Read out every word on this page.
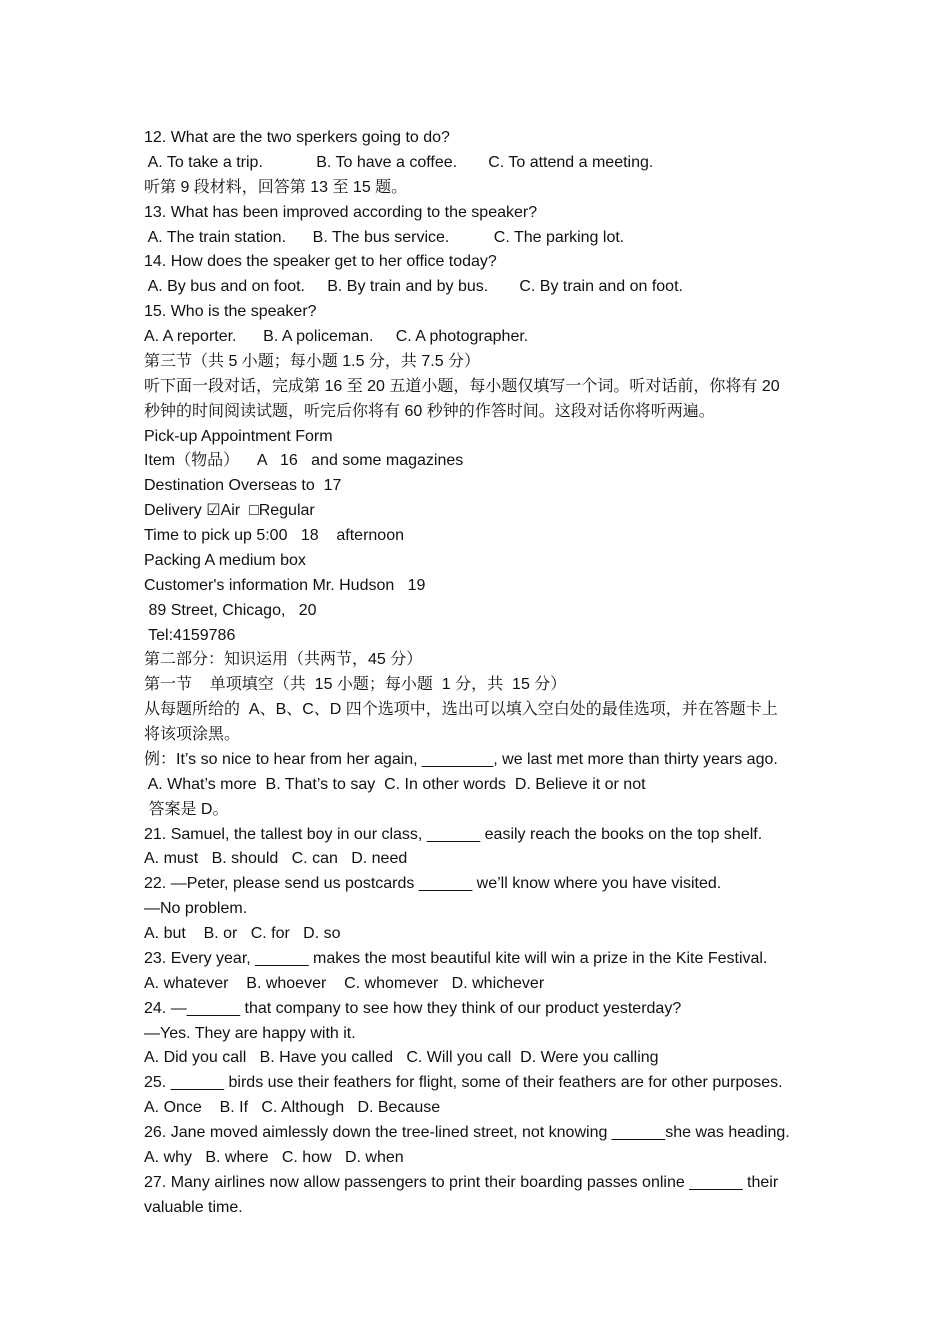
12. What are the two sperkers going to do?
A. To take a trip.            B. To have a coffee.       C. To attend a meeting.
听第 9 段材料，回答第 13 至 15 题。
13. What has been improved according to the speaker?
A. The train station.      B. The bus service.          C. The parking lot.
14. How does the speaker get to her office today?
A. By bus and on foot.     B. By train and by bus.       C. By train and on foot.
15. Who is the speaker?
A. A reporter.      B. A policeman.     C. A photographer.
第三节（共 5 小题；每小题 1.5 分，共 7.5 分）
听下面一段对话，完成第 16 至 20 五道小题，每小题仅填写一个词。听对话前，你将有 20
秒钟的时间阅读试题，听完后你将有 60 秒钟的作答时间。这段对话你将听两遍。
Pick-up Appointment Form
Item（物品）    A   16   and some magazines
Destination Overseas to  17
Delivery ☑Air  □Regular
Time to pick up 5:00   18    afternoon
Packing A medium box
Customer's information Mr. Hudson   19
89 Street, Chicago,   20
Tel:4159786
第二部分：知识运用（共两节，45 分）
第一节    单项填空（共  15 小题；每小题  1 分，共  15 分）
从每题所给的  A、B、C、D 四个选项中，选出可以填入空白处的最佳选项，并在答题卡上
将该项涂黑。
例：It’s so nice to hear from her again, ________, we last met more than thirty years ago.
A. What’s more  B. That’s to say  C. In other words  D. Believe it or not
答案是 D。
21. Samuel, the tallest boy in our class, ______ easily reach the books on the top shelf.
A. must   B. should   C. can   D. need
22. —Peter, please send us postcards ______ we’ll know where you have visited.
—No problem.
A. but    B. or   C. for   D. so
23. Every year, ______ makes the most beautiful kite will win a prize in the Kite Festival.
A. whatever    B. whoever    C. whomever   D. whichever
24. —______ that company to see how they think of our product yesterday?
—Yes. They are happy with it.
A. Did you call   B. Have you called   C. Will you call  D. Were you calling
25. ______ birds use their feathers for flight, some of their feathers are for other purposes.
A. Once    B. If   C. Although   D. Because
26. Jane moved aimlessly down the tree-lined street, not knowing ______she was heading.
A. why   B. where   C. how   D. when
27. Many airlines now allow passengers to print their boarding passes online ______ their
valuable time.
